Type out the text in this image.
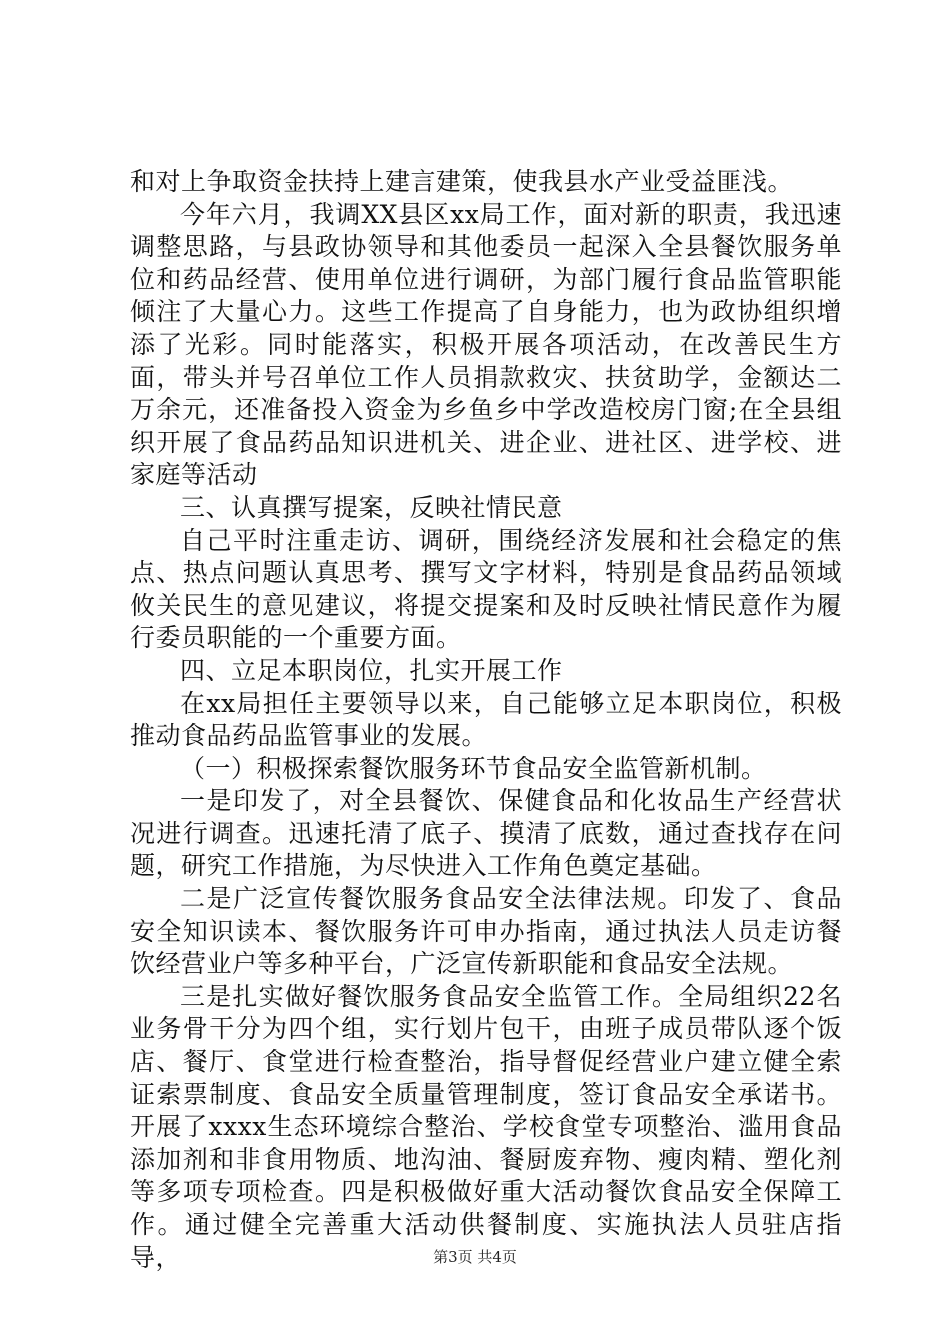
和对上争取资金扶持上建言建策，使我县水产业受益匪浅。

今年六月，我调XX县区xx局工作，面对新的职责，我迅速调整思路，与县政协领导和其他委员一起深入全县餐饮服务单位和药品经营、使用单位进行调研，为部门履行食品监管职能倾注了大量心力。这些工作提高了自身能力，也为政协组织增添了光彩。同时能落实，积极开展各项活动，在改善民生方面，带头并号召单位工作人员捐款救灾、扶贫助学，金额达二万余元，还准备投入资金为乡鱼乡中学改造校房门窗;在全县组织开展了食品药品知识进机关、进企业、进社区、进学校、进家庭等活动

三、认真撰写提案，反映社情民意

自己平时注重走访、调研，围绕经济发展和社会稳定的焦点、热点问题认真思考、撰写文字材料，特别是食品药品领域攸关民生的意见建议，将提交提案和及时反映社情民意作为履行委员职能的一个重要方面。

四、立足本职岗位，扎实开展工作

在xx局担任主要领导以来，自己能够立足本职岗位，积极推动食品药品监管事业的发展。

（一）积极探索餐饮服务环节食品安全监管新机制。

一是印发了，对全县餐饮、保健食品和化妆品生产经营状况进行调查。迅速托清了底子、摸清了底数，通过查找存在问题，研究工作措施，为尽快进入工作角色奠定基础。

二是广泛宣传餐饮服务食品安全法律法规。印发了、食品安全知识读本、餐饮服务许可申办指南，通过执法人员走访餐饮经营业户等多种平台，广泛宣传新职能和食品安全法规。

三是扎实做好餐饮服务食品安全监管工作。全局组织22名业务骨干分为四个组，实行划片包干，由班子成员带队逐个饭店、餐厅、食堂进行检查整治，指导督促经营业户建立健全索证索票制度、食品安全质量管理制度，签订食品安全承诺书。开展了xxxx生态环境综合整治、学校食堂专项整治、滥用食品添加剂和非食用物质、地沟油、餐厨废弃物、瘦肉精、塑化剂等多项专项检查。四是积极做好重大活动餐饮食品安全保障工作。通过健全完善重大活动供餐制度、实施执法人员驻店指导，	第3页 共4页
